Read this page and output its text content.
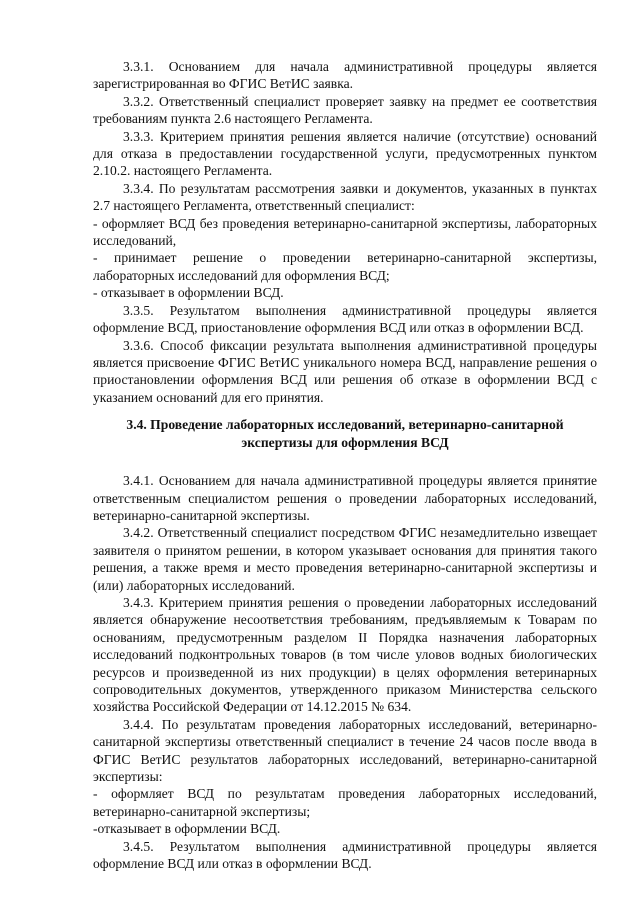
3.3.1. Основанием для начала административной процедуры является зарегистрированная во ФГИС ВетИС заявка.

3.3.2. Ответственный специалист проверяет заявку на предмет ее соответствия требованиям пункта 2.6 настоящего Регламента.

3.3.3. Критерием принятия решения является наличие (отсутствие) оснований для отказа в предоставлении государственной услуги, предусмотренных пунктом 2.10.2. настоящего Регламента.

3.3.4. По результатам рассмотрения заявки и документов, указанных в пунктах 2.7 настоящего Регламента, ответственный специалист:

- оформляет ВСД без проведения ветеринарно-санитарной экспертизы, лабораторных исследований,

- принимает решение о проведении ветеринарно-санитарной экспертизы, лабораторных исследований для оформления ВСД;

- отказывает в оформлении ВСД.

3.3.5. Результатом выполнения административной процедуры является оформление ВСД, приостановление оформления ВСД или отказ в оформлении ВСД.

3.3.6. Способ фиксации результата выполнения административной процедуры является присвоение ФГИС ВетИС уникального номера ВСД, направление решения о приостановлении оформления ВСД или решения об отказе в оформлении ВСД с указанием оснований для его принятия.

3.4. Проведение лабораторных исследований, ветеринарно-санитарной
экспертизы для оформления ВСД

3.4.1. Основанием для начала административной процедуры является принятие ответственным специалистом решения о проведении лабораторных исследований, ветеринарно-санитарной экспертизы.

3.4.2. Ответственный специалист посредством ФГИС незамедлительно извещает заявителя о принятом решении, в котором указывает основания для принятия такого решения, а также время и место проведения ветеринарно-санитарной экспертизы и (или) лабораторных исследований.

3.4.3. Критерием принятия решения о проведении лабораторных исследований является обнаружение несоответствия требованиям, предъявляемым к Товарам по основаниям, предусмотренным разделом II Порядка назначения лабораторных исследований подконтрольных товаров (в том числе уловов водных биологических ресурсов и произведенной из них продукции) в целях оформления ветеринарных сопроводительных документов, утвержденного приказом Министерства сельского хозяйства Российской Федерации от 14.12.2015 № 634.

3.4.4. По результатам проведения лабораторных исследований, ветеринарно-санитарной экспертизы ответственный специалист в течение 24 часов после ввода в ФГИС ВетИС результатов лабораторных исследований, ветеринарно-санитарной экспертизы:

- оформляет ВСД по результатам проведения лабораторных исследований, ветеринарно-санитарной экспертизы;

-отказывает в оформлении ВСД.

3.4.5. Результатом выполнения административной процедуры является оформление ВСД или отказ в оформлении ВСД.
